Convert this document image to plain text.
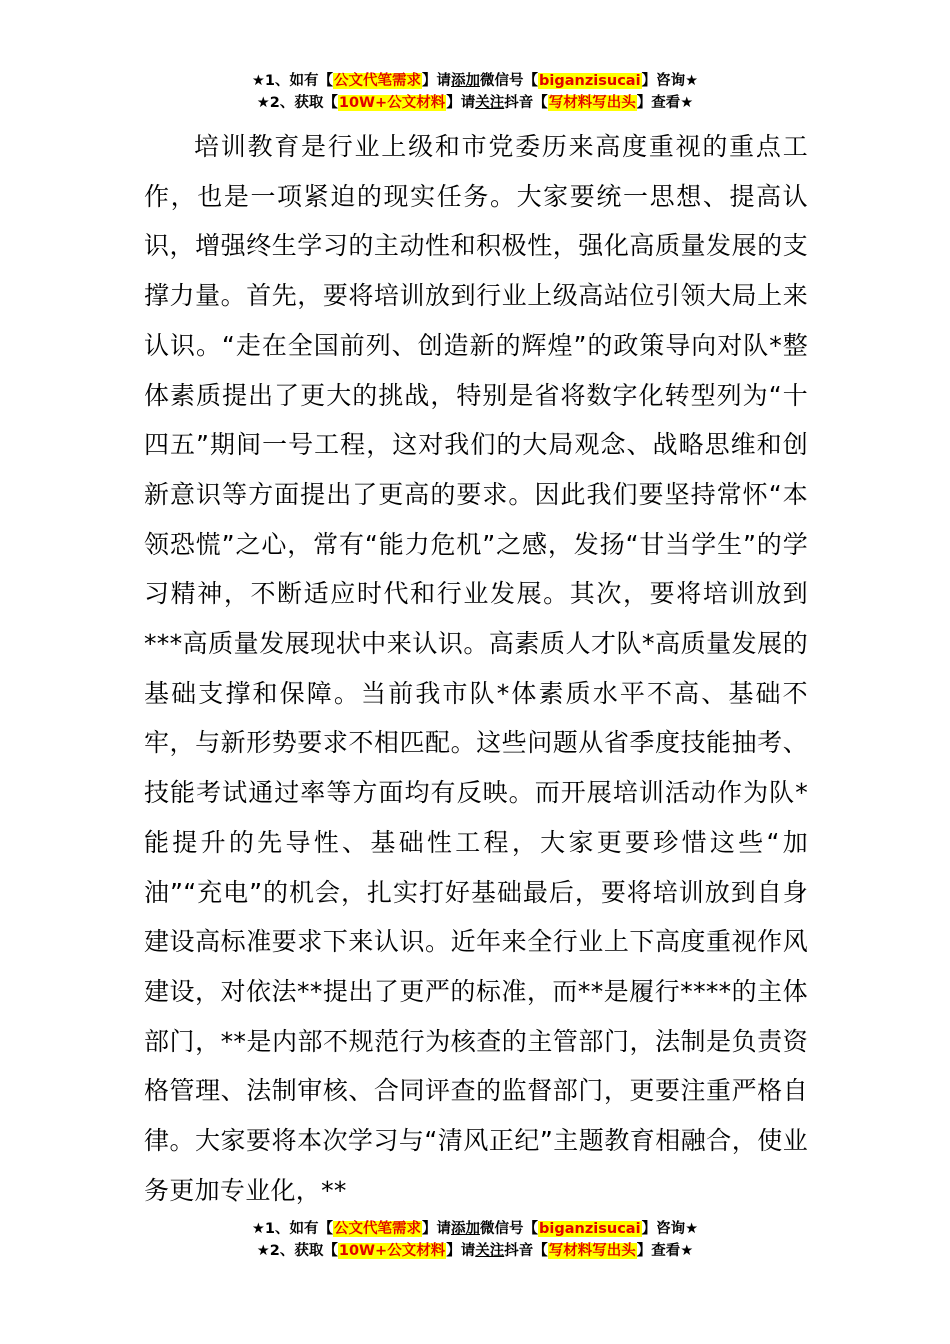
★1、如有【公文代笔需求】请添加微信号【biganzisucai】咨询★
★2、获取【10W+公文材料】请关注抖音【写材料写出头】查看★

培训教育是行业上级和市党委历来高度重视的重点工作，也是一项紧迫的现实任务。大家要统一思想、提高认识，增强终生学习的主动性和积极性，强化高质量发展的支撑力量。首先，要将培训放到行业上级高站位引领大局上来认识。“走在全国前列、创造新的辉煌”的政策导向对队*整体素质提出了更大的挑战，特别是省将数字化转型列为“十四五”期间一号工程，这对我们的大局观念、战略思维和创新意识等方面提出了更高的要求。因此我们要坚持常怀“本领恐慌”之心，常有“能力危机”之感，发扬“甘当学生”的学习精神，不断适应时代和行业发展。其次，要将培训放到***高质量发展现状中来认识。高素质人才队*高质量发展的基础支撑和保障。当前我市队*体素质水平不高、基础不牢，与新形势要求不相匹配。这些问题从省季度技能抽考、技能考试通过率等方面均有反映。而开展培训活动作为队*能提升的先导性、基础性工程，大家更要珍惜这些“加油”“充电”的机会，扎实打好基础最后，要将培训放到自身建设高标准要求下来认识。近年来全行业上下高度重视作风建设，对依法**提出了更严的标准，而**是履行****的主体部门，**是内部不规范行为核查的主管部门，法制是负责资格管理、法制审核、合同评查的监督部门，更要注重严格自律。大家要将本次学习与“清风正纪”主题教育相融合，使业务更加专业化，**

★1、如有【公文代笔需求】请添加微信号【biganzisucai】咨询★
★2、获取【10W+公文材料】请关注抖音【写材料写出头】查看★
